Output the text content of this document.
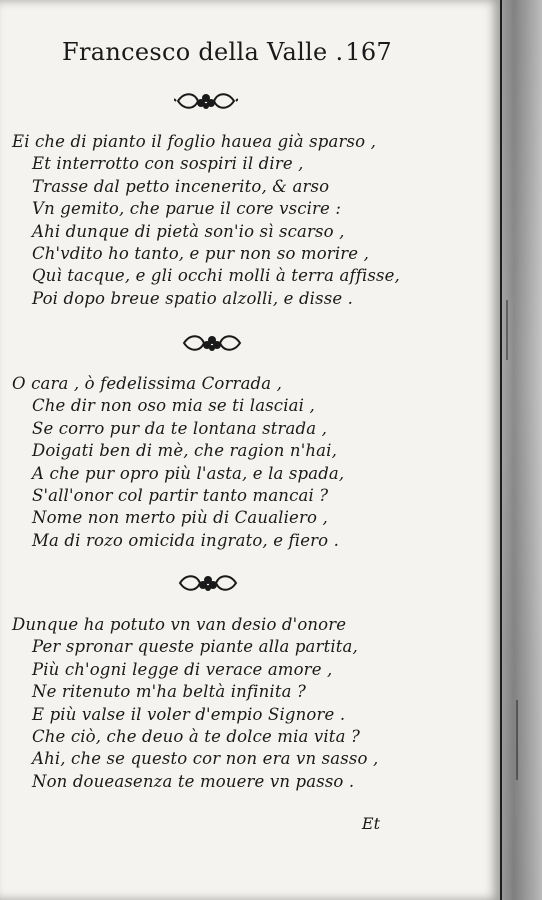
Francesco della Valle . 167
Ei che di pianto il foglio hauea già sparso ,
Et interrotto con sospiri il dire ,
Trasse dal petto incenerito, & arso
Vn gemito, che parue il core vscire :
Ahi dunque di pietà son'io sì scarso ,
Ch'vdito ho tanto, e pur non so morire ,
Quì tacque, e gli occhi molli à terra affisse,
Poi dopo breue spatio alzolli, e disse .
O cara , ò fedelissima Corrada ,
Che dir non oso mia se ti lasciai ,
Se corro pur da te lontana strada ,
Doigati ben di mè, che ragion n'hai,
A che pur opro più l'asta, e la spada,
S'all'onor col partir tanto mancai ?
Nome non merto più di Caualiero ,
Ma di rozo omicida ingrato, e fiero .
Dunque ha potuto vn van desio d'onore
Per spronar queste piante alla partita,
Più ch'ogni legge di verace amore ,
Ne ritenuto m'ha beltà infinita ?
E più valse il voler d'empio Signore .
Che ciò, che deuo à te dolce mia vita ?
Ahi, che se questo cor non era vn sasso ,
Non doueasenza te mouere vn passo .
Et
